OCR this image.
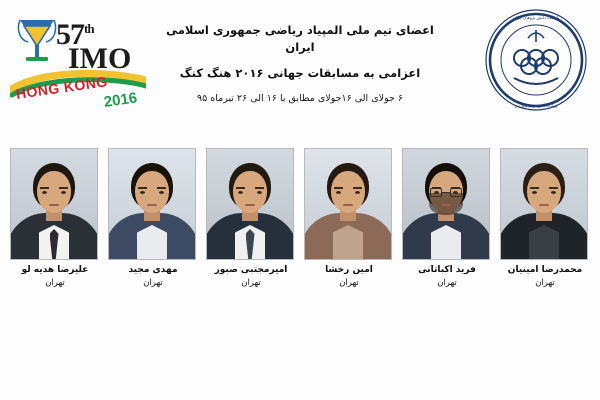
57th
IMO
HONG KONG
2016
اعضای تیم ملی المپیاد ریاضی جمهوری اسلامی ایران
اعزامی به مسابقات جهانی ۲۰۱۶ هنگ کنگ
۶ جولای الی ۱۶جولای مطابق با ۱۶ الی ۲۶ تیرماه ۹۵
باشگاه دانش پژوهان جوان
وزارت آموزش و پرورش
علیرضا هدیه لو
تهران
مهدی مجید
تهران
امیرمجتبی صبور
تهران
امین رخشا
تهران
فرید اکباتانی
تهران
محمدرضا امینیان
تهران
